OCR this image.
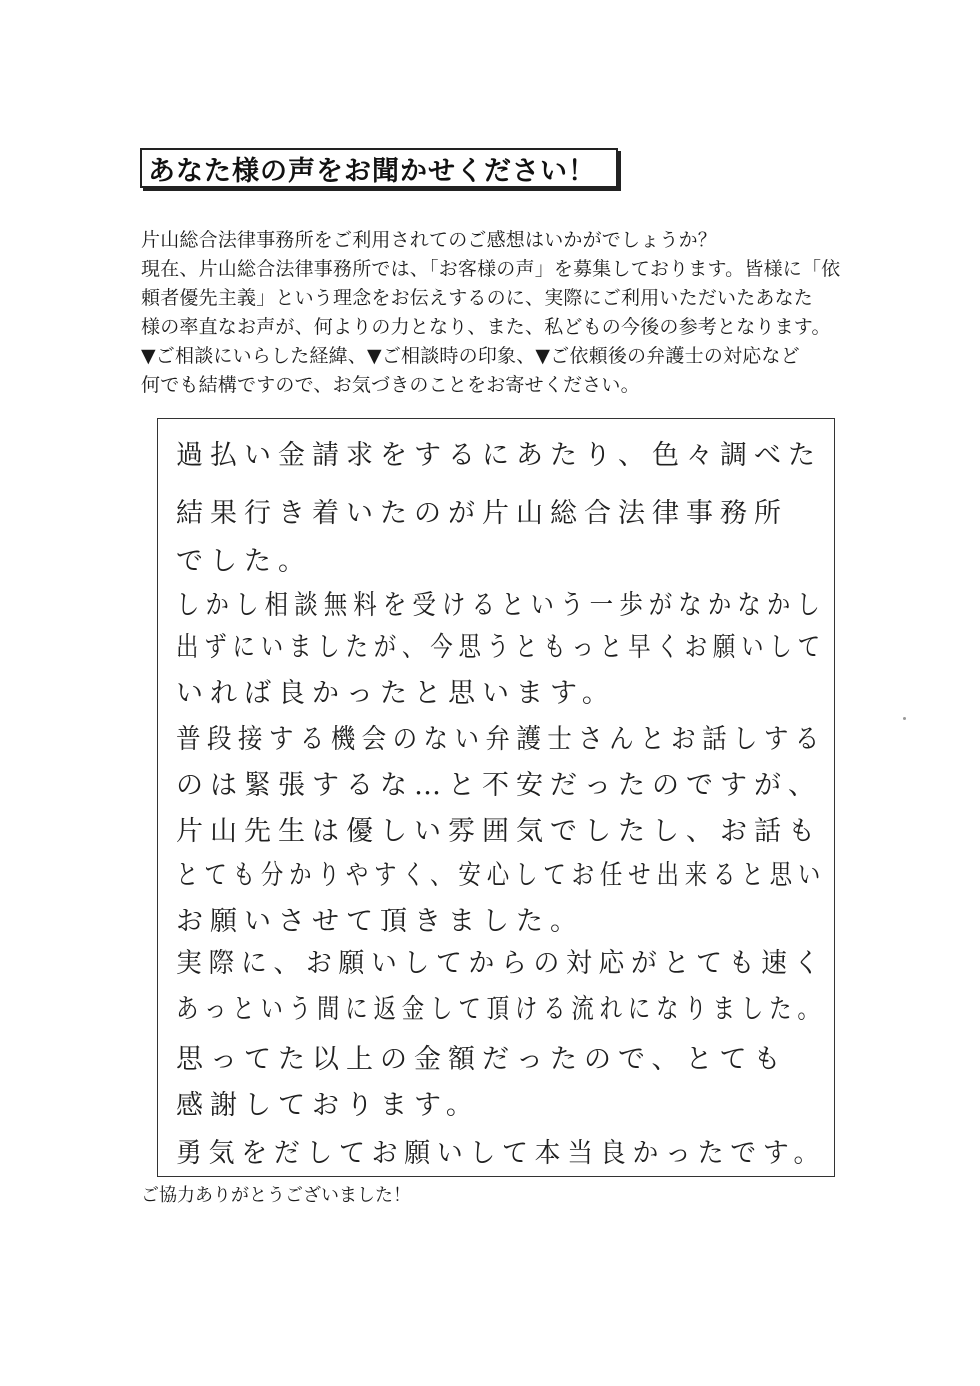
あなた様の声をお聞かせください！
片山総合法律事務所をご利用されてのご感想はいかがでしょうか？
現在、片山総合法律事務所では、「お客様の声」を募集しております。皆様に「依
頼者優先主義」という理念をお伝えするのに、実際にご利用いただいたあなた
様の率直なお声が、何よりの力となり、また、私どもの今後の参考となります。
▼ご相談にいらした経緯、▼ご相談時の印象、▼ご依頼後の弁護士の対応など
何でも結構ですので、お気づきのことをお寄せください。
過払い金請求をするにあたり、色々調べた
結果行き着いたのが片山総合法律事務所
でした。
しかし相談無料を受けるという一歩がなかなかし
出ずにいましたが、今思うともっと早くお願いして
いれば良かったと思います。
普段接する機会のない弁護士さんとお話しする
のは緊張するな…と不安だったのですが、
片山先生は優しい雰囲気でしたし、お話も
とても分かりやすく、安心してお任せ出来ると思い
お願いさせて頂きました。
実際に、お願いしてからの対応がとても速く
あっという間に返金して頂ける流れになりました。
思ってた以上の金額だったので、とても
感謝しております。
勇気をだしてお願いして本当良かったです。
ご協力ありがとうございました！
